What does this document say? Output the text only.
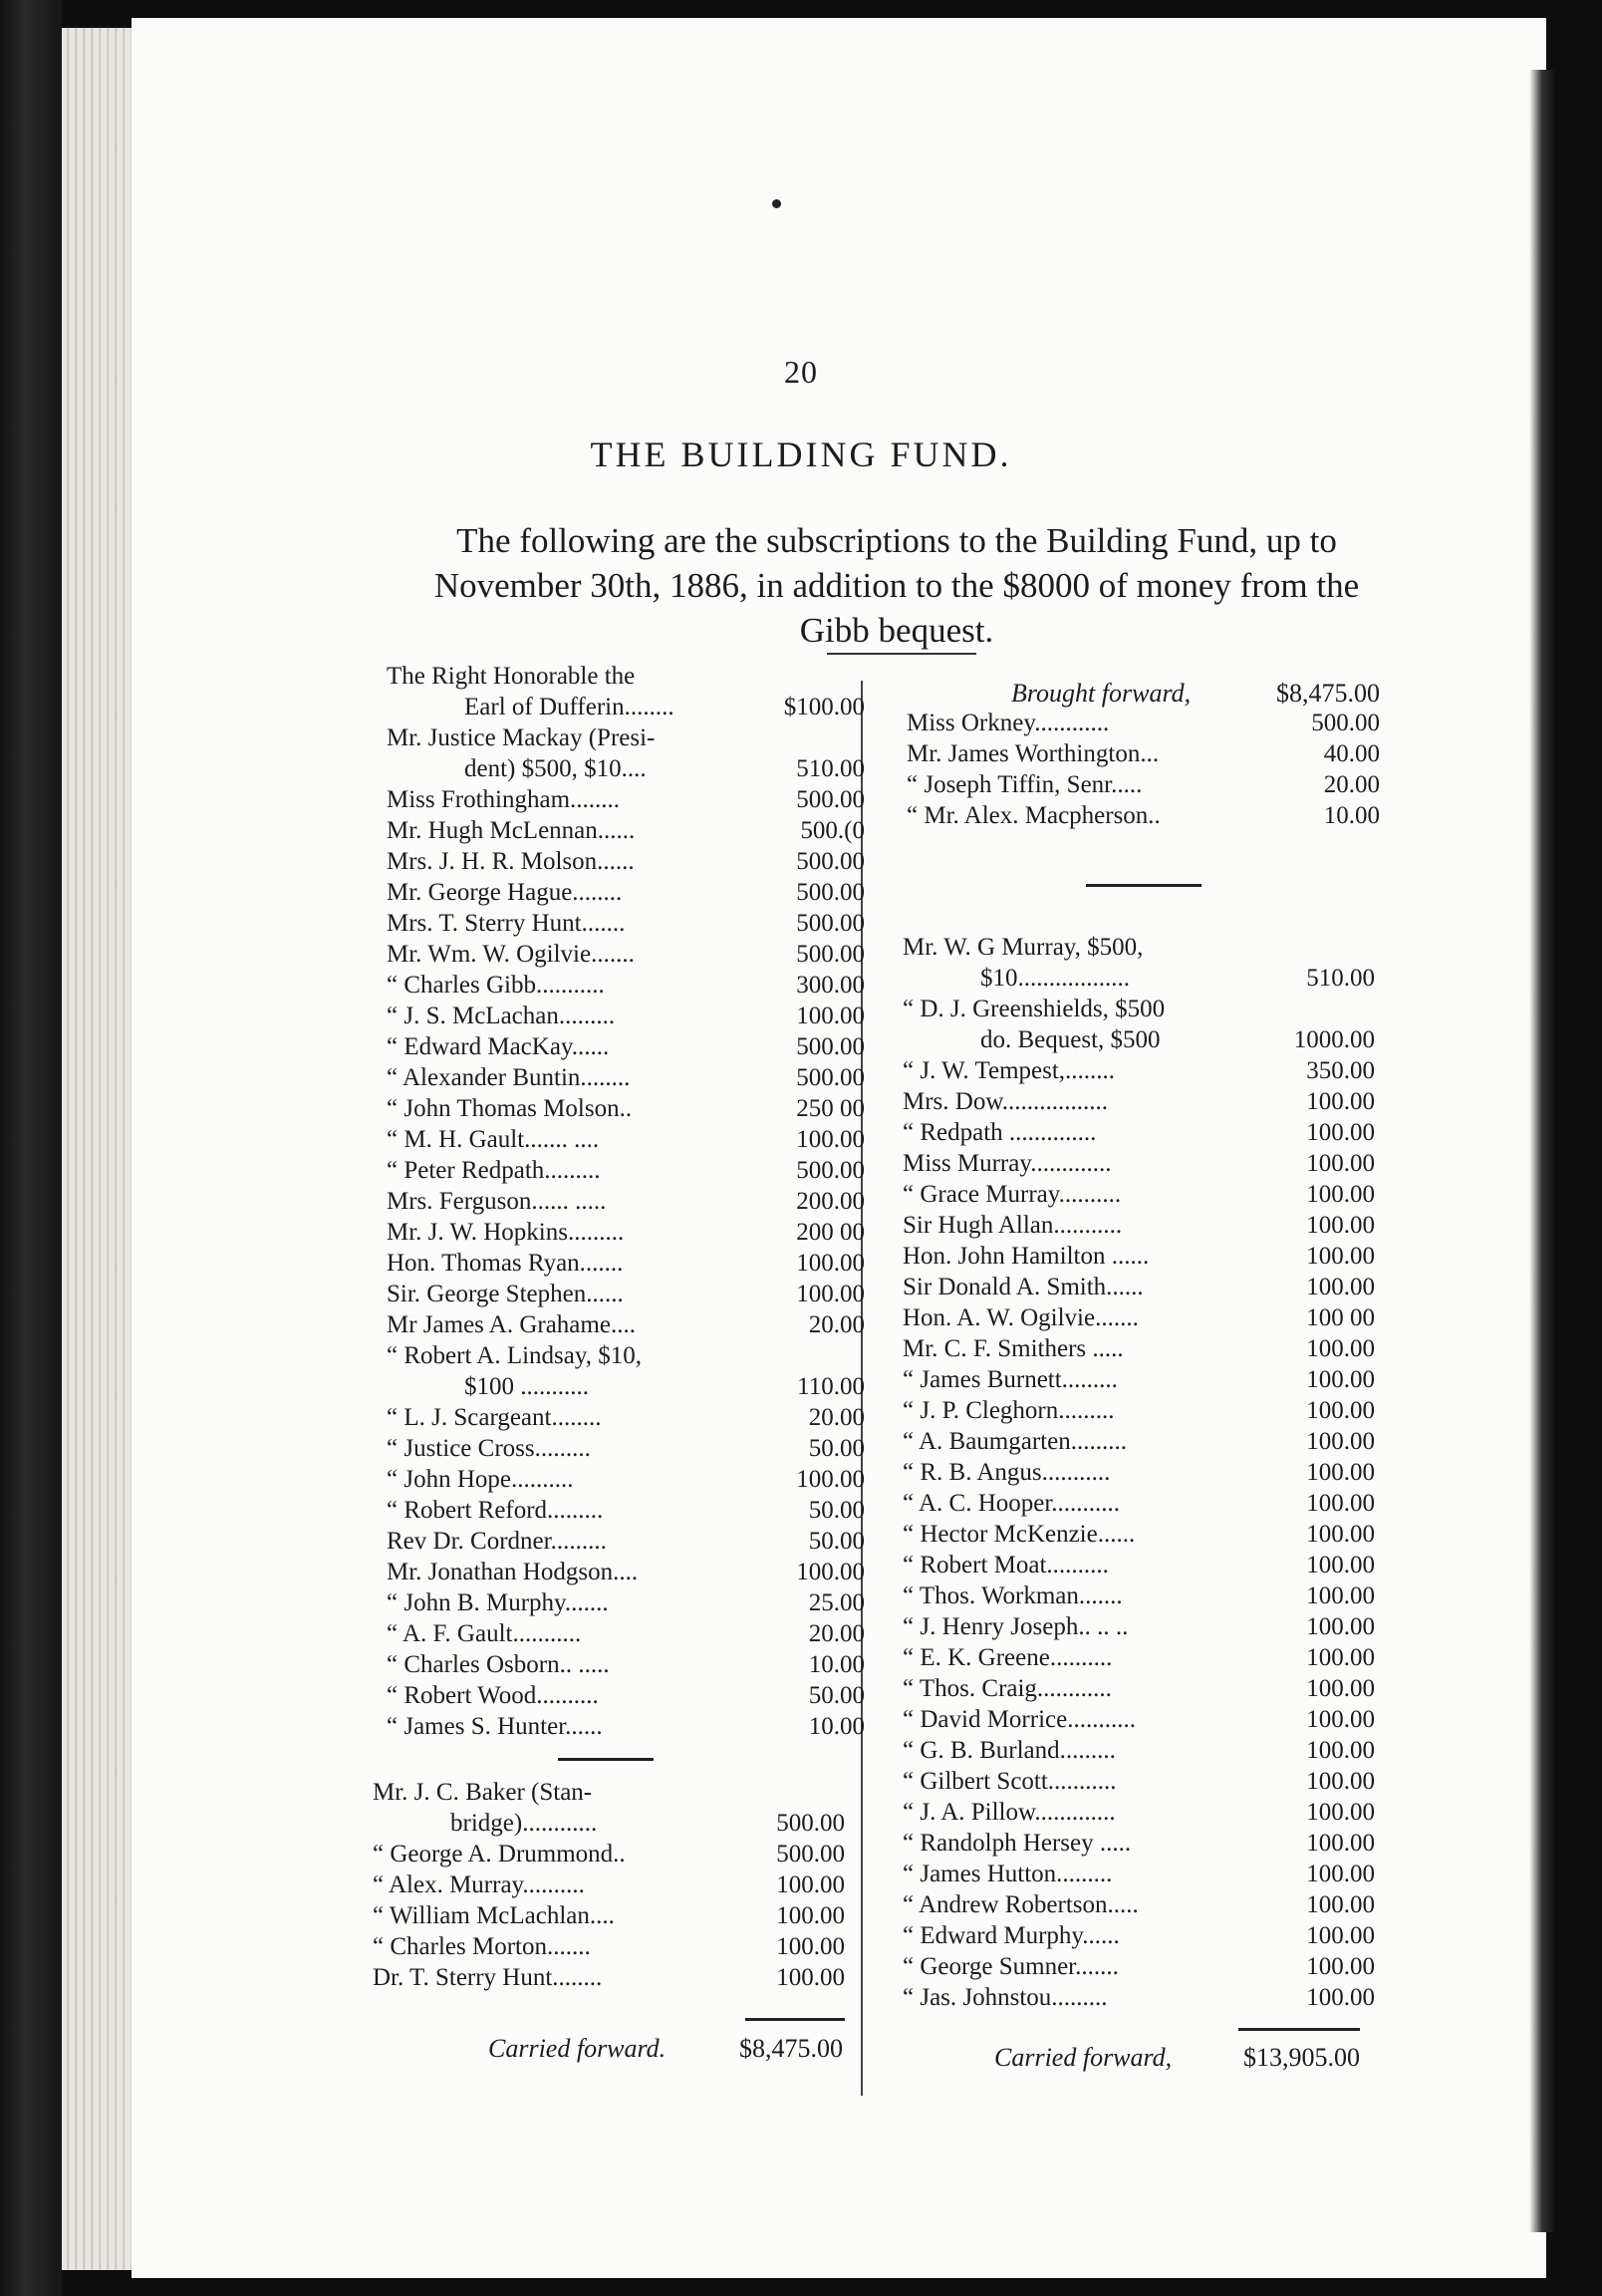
20
THE BUILDING FUND.
The following are the subscriptions to the Building Fund, up to November 30th, 1886, in addition to the $8000 of money from the Gibb bequest.
The Right Honorable the
Earl of Dufferin........	$100.00
Mr. Justice Mackay (Presi-
dent) $500, $10....	510.00
Miss Frothingham........	500.00
Mr. Hugh McLennan......	500.(0
Mrs. J. H. R. Molson......	500.00
Mr. George Hague........	500.00
Mrs. T. Sterry Hunt.......	500.00
Mr. Wm. W. Ogilvie.......	500.00
“ Charles Gibb...........	300.00
“ J. S. McLachan.........	100.00
“ Edward MacKay......	500.00
“ Alexander Buntin........	500.00
“ John Thomas Molson..	250 00
“ M. H. Gault....... ....	100.00
“ Peter Redpath.........	500.00
Mrs. Ferguson...... .....	200.00
Mr. J. W. Hopkins.........	200 00
Hon. Thomas Ryan.......	100.00
Sir. George Stephen......	100.00
Mr James A. Grahame....	20.00
“ Robert A. Lindsay, $10,
$100 ...........	110.00
“ L. J. Scargeant........	20.00
“ Justice Cross.........	50.00
“ John Hope..........	100.00
“ Robert Reford.........	50.00
Rev Dr. Cordner.........	50.00
Mr. Jonathan Hodgson....	100.00
“ John B. Murphy.......	25.00
“ A. F. Gault...........	20.00
“ Charles Osborn.. .....	10.00
“ Robert Wood..........	50.00
“ James S. Hunter......	10.00
Mr. J. C. Baker (Stan-
bridge)............	500.00
“ George A. Drummond..	500.00
“ Alex. Murray..........	100.00
“ William McLachlan....	100.00
“ Charles Morton.......	100.00
Dr. T. Sterry Hunt........	100.00
Carried forward.	$8,475.00
Brought forward,	$8,475.00
Miss Orkney............	500.00
Mr. James Worthington...	40.00
“ Joseph Tiffin, Senr.....	20.00
“ Mr. Alex. Macpherson..	10.00
Mr. W. G Murray, $500,
$10..................	510.00
“ D. J. Greenshields, $500
do. Bequest, $500	1000.00
“ J. W. Tempest,........	350.00
Mrs. Dow.................	100.00
“ Redpath ..............	100.00
Miss Murray.............	100.00
“ Grace Murray..........	100.00
Sir Hugh Allan...........	100.00
Hon. John Hamilton ......	100.00
Sir Donald A. Smith......	100.00
Hon. A. W. Ogilvie.......	100 00
Mr. C. F. Smithers .....	100.00
“ James Burnett.........	100.00
“ J. P. Cleghorn.........	100.00
“ A. Baumgarten.........	100.00
“ R. B. Angus...........	100.00
“ A. C. Hooper...........	100.00
“ Hector McKenzie......	100.00
“ Robert Moat..........	100.00
“ Thos. Workman.......	100.00
“ J. Henry Joseph.. .. ..	100.00
“ E. K. Greene..........	100.00
“ Thos. Craig............	100.00
“ David Morrice...........	100.00
“ G. B. Burland.........	100.00
“ Gilbert Scott...........	100.00
“ J. A. Pillow.............	100.00
“ Randolph Hersey .....	100.00
“ James Hutton.........	100.00
“ Andrew Robertson.....	100.00
“ Edward Murphy......	100.00
“ George Sumner.......	100.00
“ Jas. Johnstou.........	100.00
Carried forward,	$13,905.00
